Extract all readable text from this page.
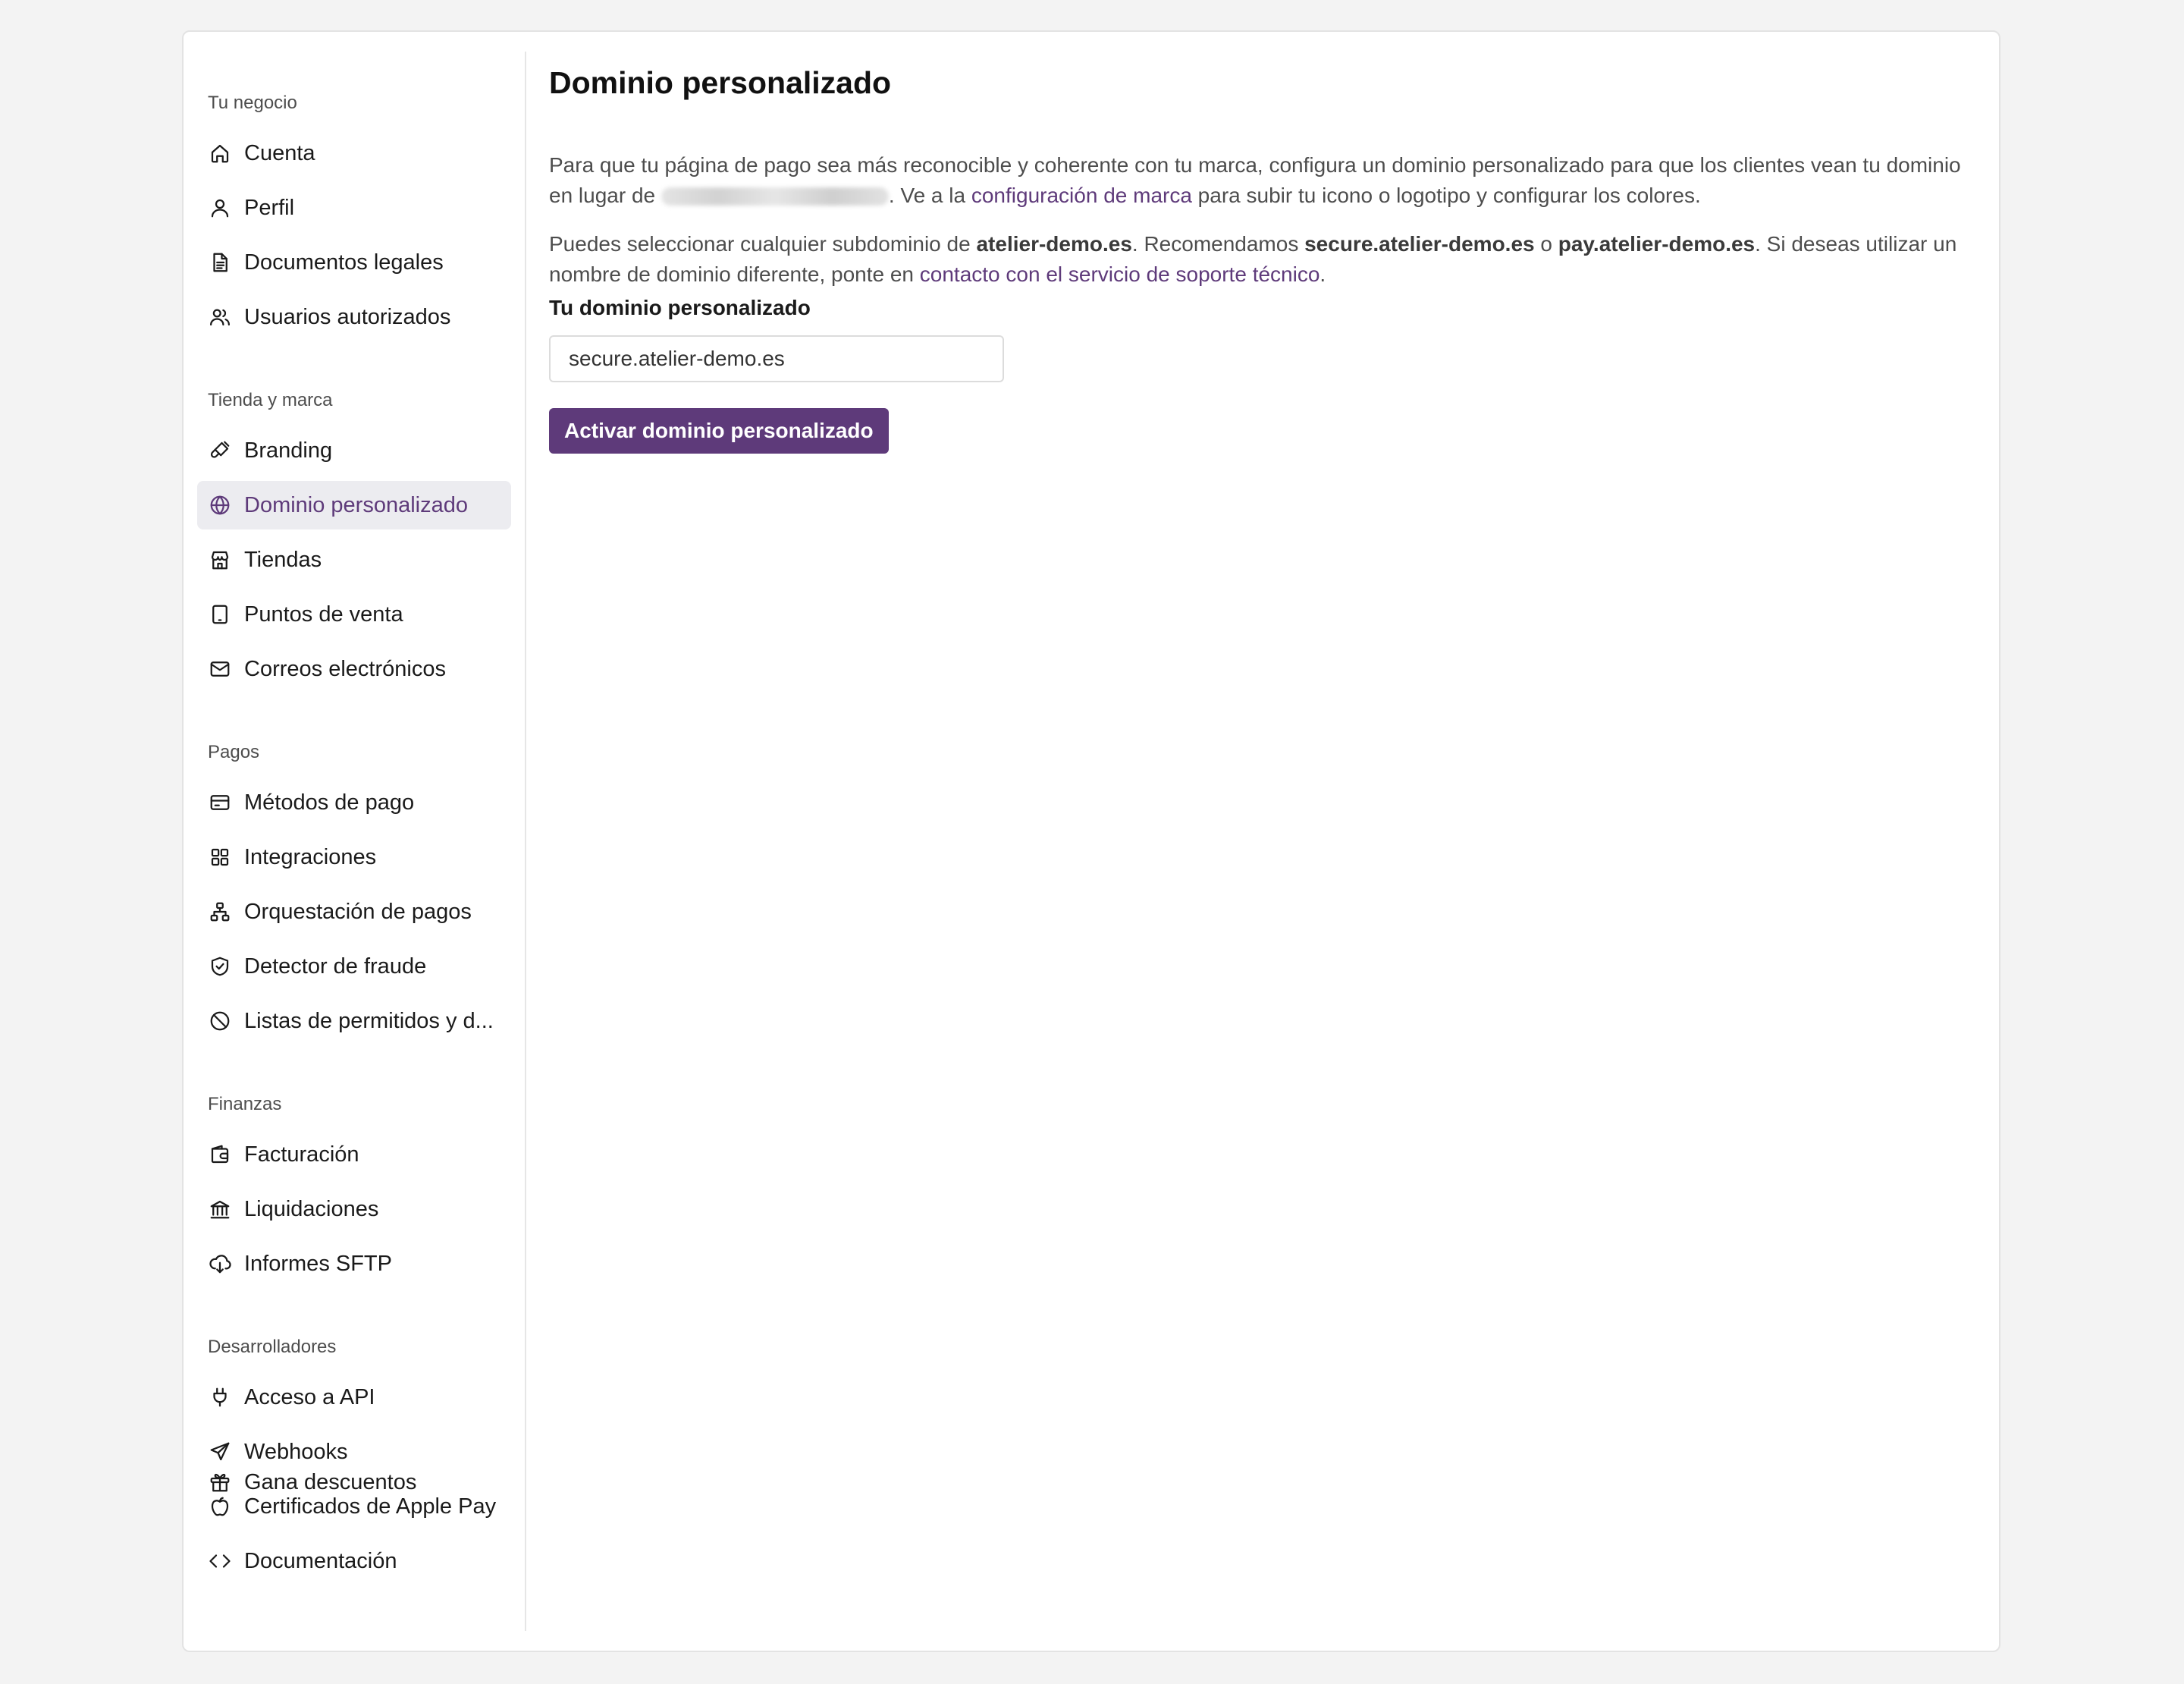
Tu negocio
Cuenta
Perfil
Documentos legales
Usuarios autorizados
Tienda y marca
Branding
Dominio personalizado
Tiendas
Puntos de venta
Correos electrónicos
Pagos
Métodos de pago
Integraciones
Orquestación de pagos
Detector de fraude
Listas de permitidos y d...
Finanzas
Facturación
Liquidaciones
Informes SFTP
Desarrolladores
Acceso a API
Webhooks
Certificados de Apple Pay
Documentación
Gana descuentos
Dominio personalizado

Para que tu página de pago sea más reconocible y coherente con tu marca, configura un dominio personalizado para que los clientes vean tu dominio en lugar de	. Ve a la configuración de marca para subir tu icono o logotipo y configurar los colores.

Puedes seleccionar cualquier subdominio de atelier-demo.es. Recomendamos secure.atelier-demo.es o pay.atelier-demo.es. Si deseas utilizar un nombre de dominio diferente, ponte en contacto con el servicio de soporte técnico.

Tu dominio personalizado
secure.atelier-demo.es
Activar dominio personalizado
